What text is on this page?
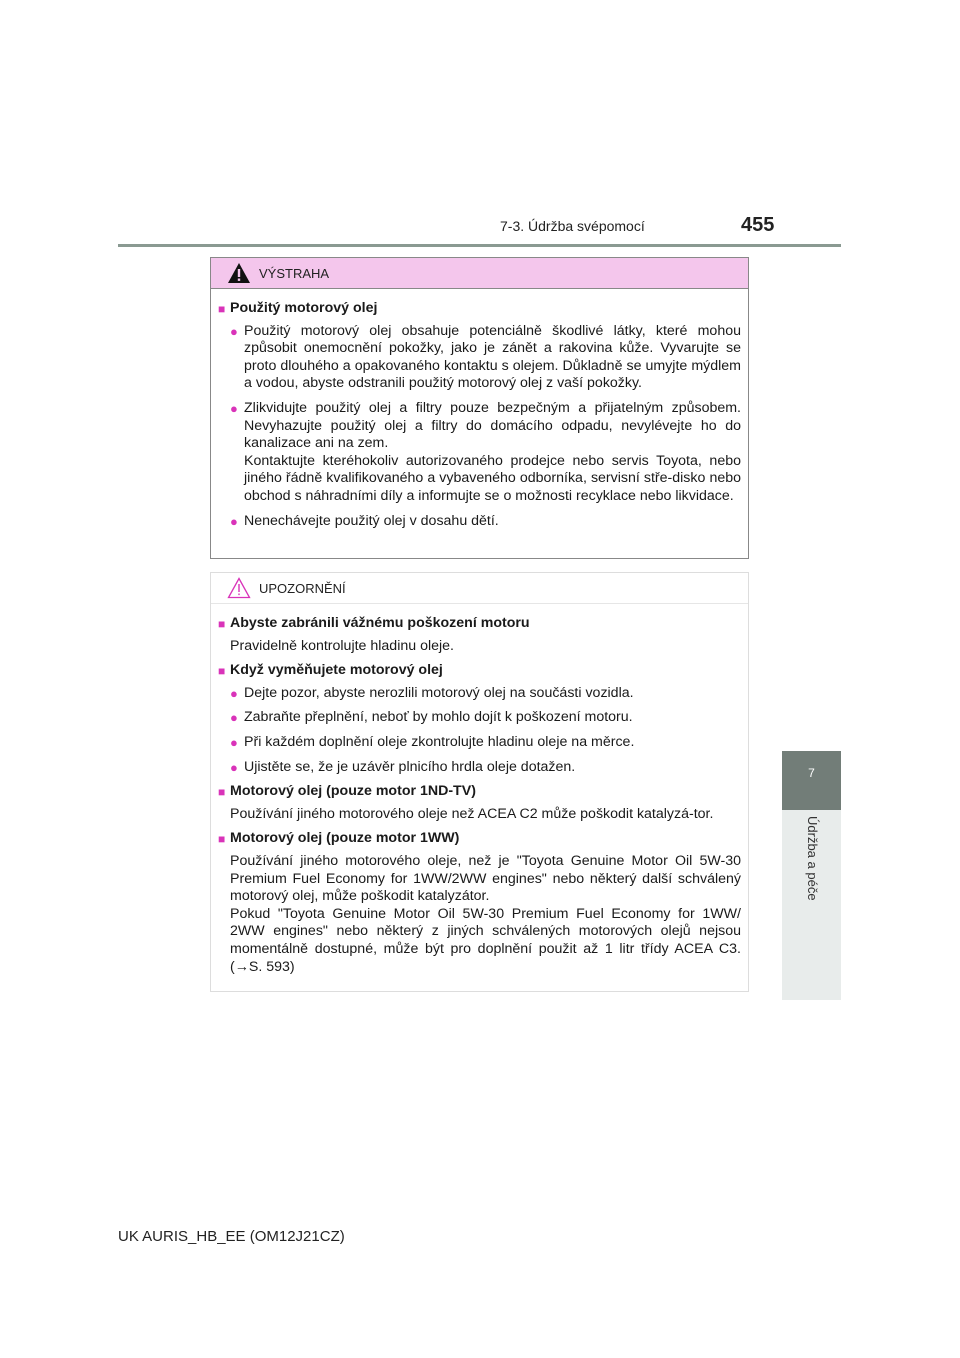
7-3. Údržba svépomocí	455
7
Údržba a péče
VÝSTRAHA
■ Použitý motorový olej
● Použitý motorový olej obsahuje potenciálně škodlivé látky, které mohou způsobit onemocnění pokožky, jako je zánět a rakovina kůže. Vyvarujte se proto dlouhého a opakovaného kontaktu s olejem. Důkladně se umyjte mýdlem a vodou, abyste odstranili použitý motorový olej z vaší pokožky.
● Zlikvidujte použitý olej a filtry pouze bezpečným a přijatelným způsobem. Nevyhazujte použitý olej a filtry do domácího odpadu, nevylévejte ho do kanalizace ani na zem.
Kontaktujte kteréhokoliv autorizovaného prodejce nebo servis Toyota, nebo jiného řádně kvalifikovaného a vybaveného odborníka, servisní stře-disko nebo obchod s náhradními díly a informujte se o možnosti recyklace nebo likvidace.
● Nenechávejte použitý olej v dosahu dětí.
UPOZORNĚNÍ
■ Abyste zabránili vážnému poškození motoru
Pravidelně kontrolujte hladinu oleje.
■ Když vyměňujete motorový olej
● Dejte pozor, abyste nerozlili motorový olej na součásti vozidla.
● Zabraňte přeplnění, neboť by mohlo dojít k poškození motoru.
● Při každém doplnění oleje zkontrolujte hladinu oleje na měrce.
● Ujistěte se, že je uzávěr plnicího hrdla oleje dotažen.
■ Motorový olej (pouze motor 1ND-TV)
Používání jiného motorového oleje než ACEA C2 může poškodit katalyzá-tor.
■ Motorový olej (pouze motor 1WW)
Používání jiného motorového oleje, než je "Toyota Genuine Motor Oil 5W-30 Premium Fuel Economy for 1WW/2WW engines" nebo některý další schválený motorový olej, může poškodit katalyzátor.
Pokud "Toyota Genuine Motor Oil 5W-30 Premium Fuel Economy for 1WW/ 2WW engines" nebo některý z jiných schválených motorových olejů nejsou momentálně dostupné, může být pro doplnění použit až 1 litr třídy ACEA C3. (→S. 593)
UK AURIS_HB_EE (OM12J21CZ)
